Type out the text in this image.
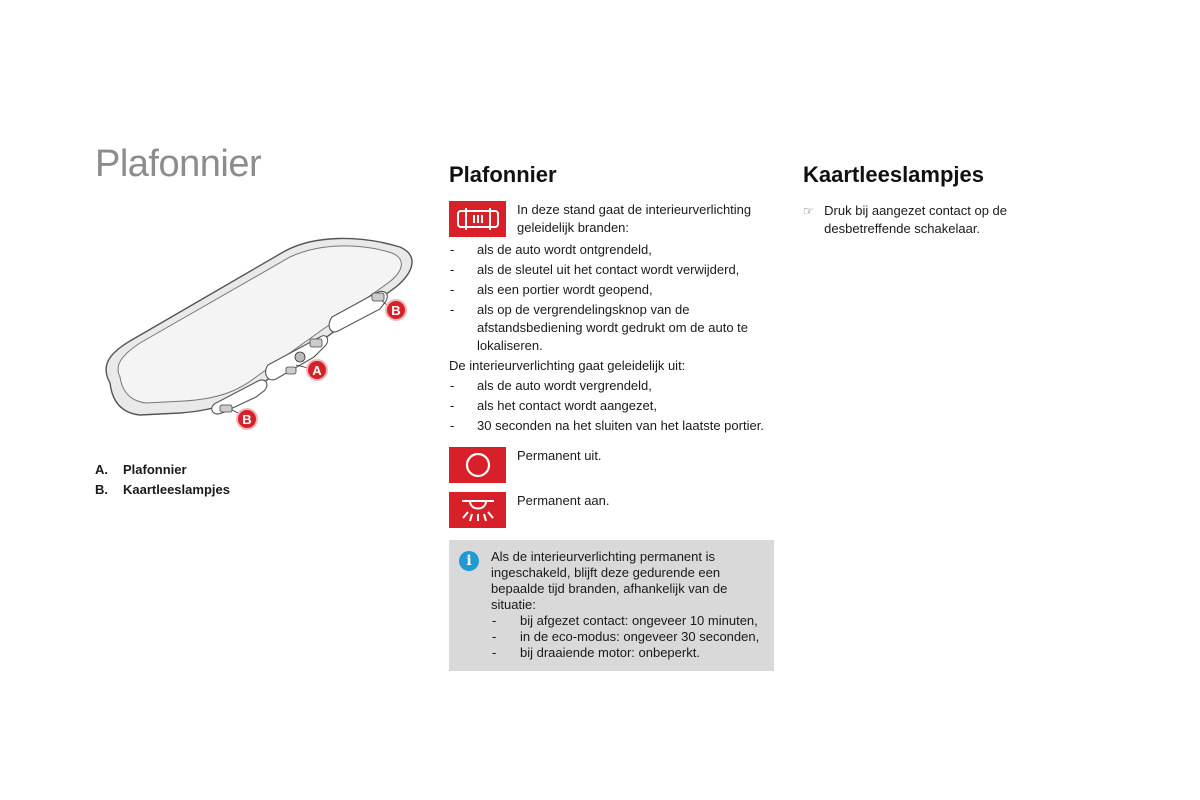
Plafonnier
B
A
B
A.	Plafonnier
B.	Kaartleeslampjes
Plafonnier
In deze stand gaat de interieurverlichting geleidelijk branden:
- als de auto wordt ontgrendeld,
- als de sleutel uit het contact wordt verwijderd,
- als een portier wordt geopend,
- als op de vergrendelingsknop van de afstandsbediening wordt gedrukt om de auto te lokaliseren.
De interieurverlichting gaat geleidelijk uit:
- als de auto wordt vergrendeld,
- als het contact wordt aangezet,
- 30 seconden na het sluiten van het laatste portier.
Permanent uit.
Permanent aan.
i	Als de interieurverlichting permanent is ingeschakeld, blijft deze gedurende een bepaalde tijd branden, afhankelijk van de situatie:
- bij afgezet contact: ongeveer 10 minuten,
- in de eco-modus: ongeveer 30 seconden,
- bij draaiende motor: onbeperkt.
Kaartleeslampjes
☞ Druk bij aangezet contact op de desbetreffende schakelaar.
